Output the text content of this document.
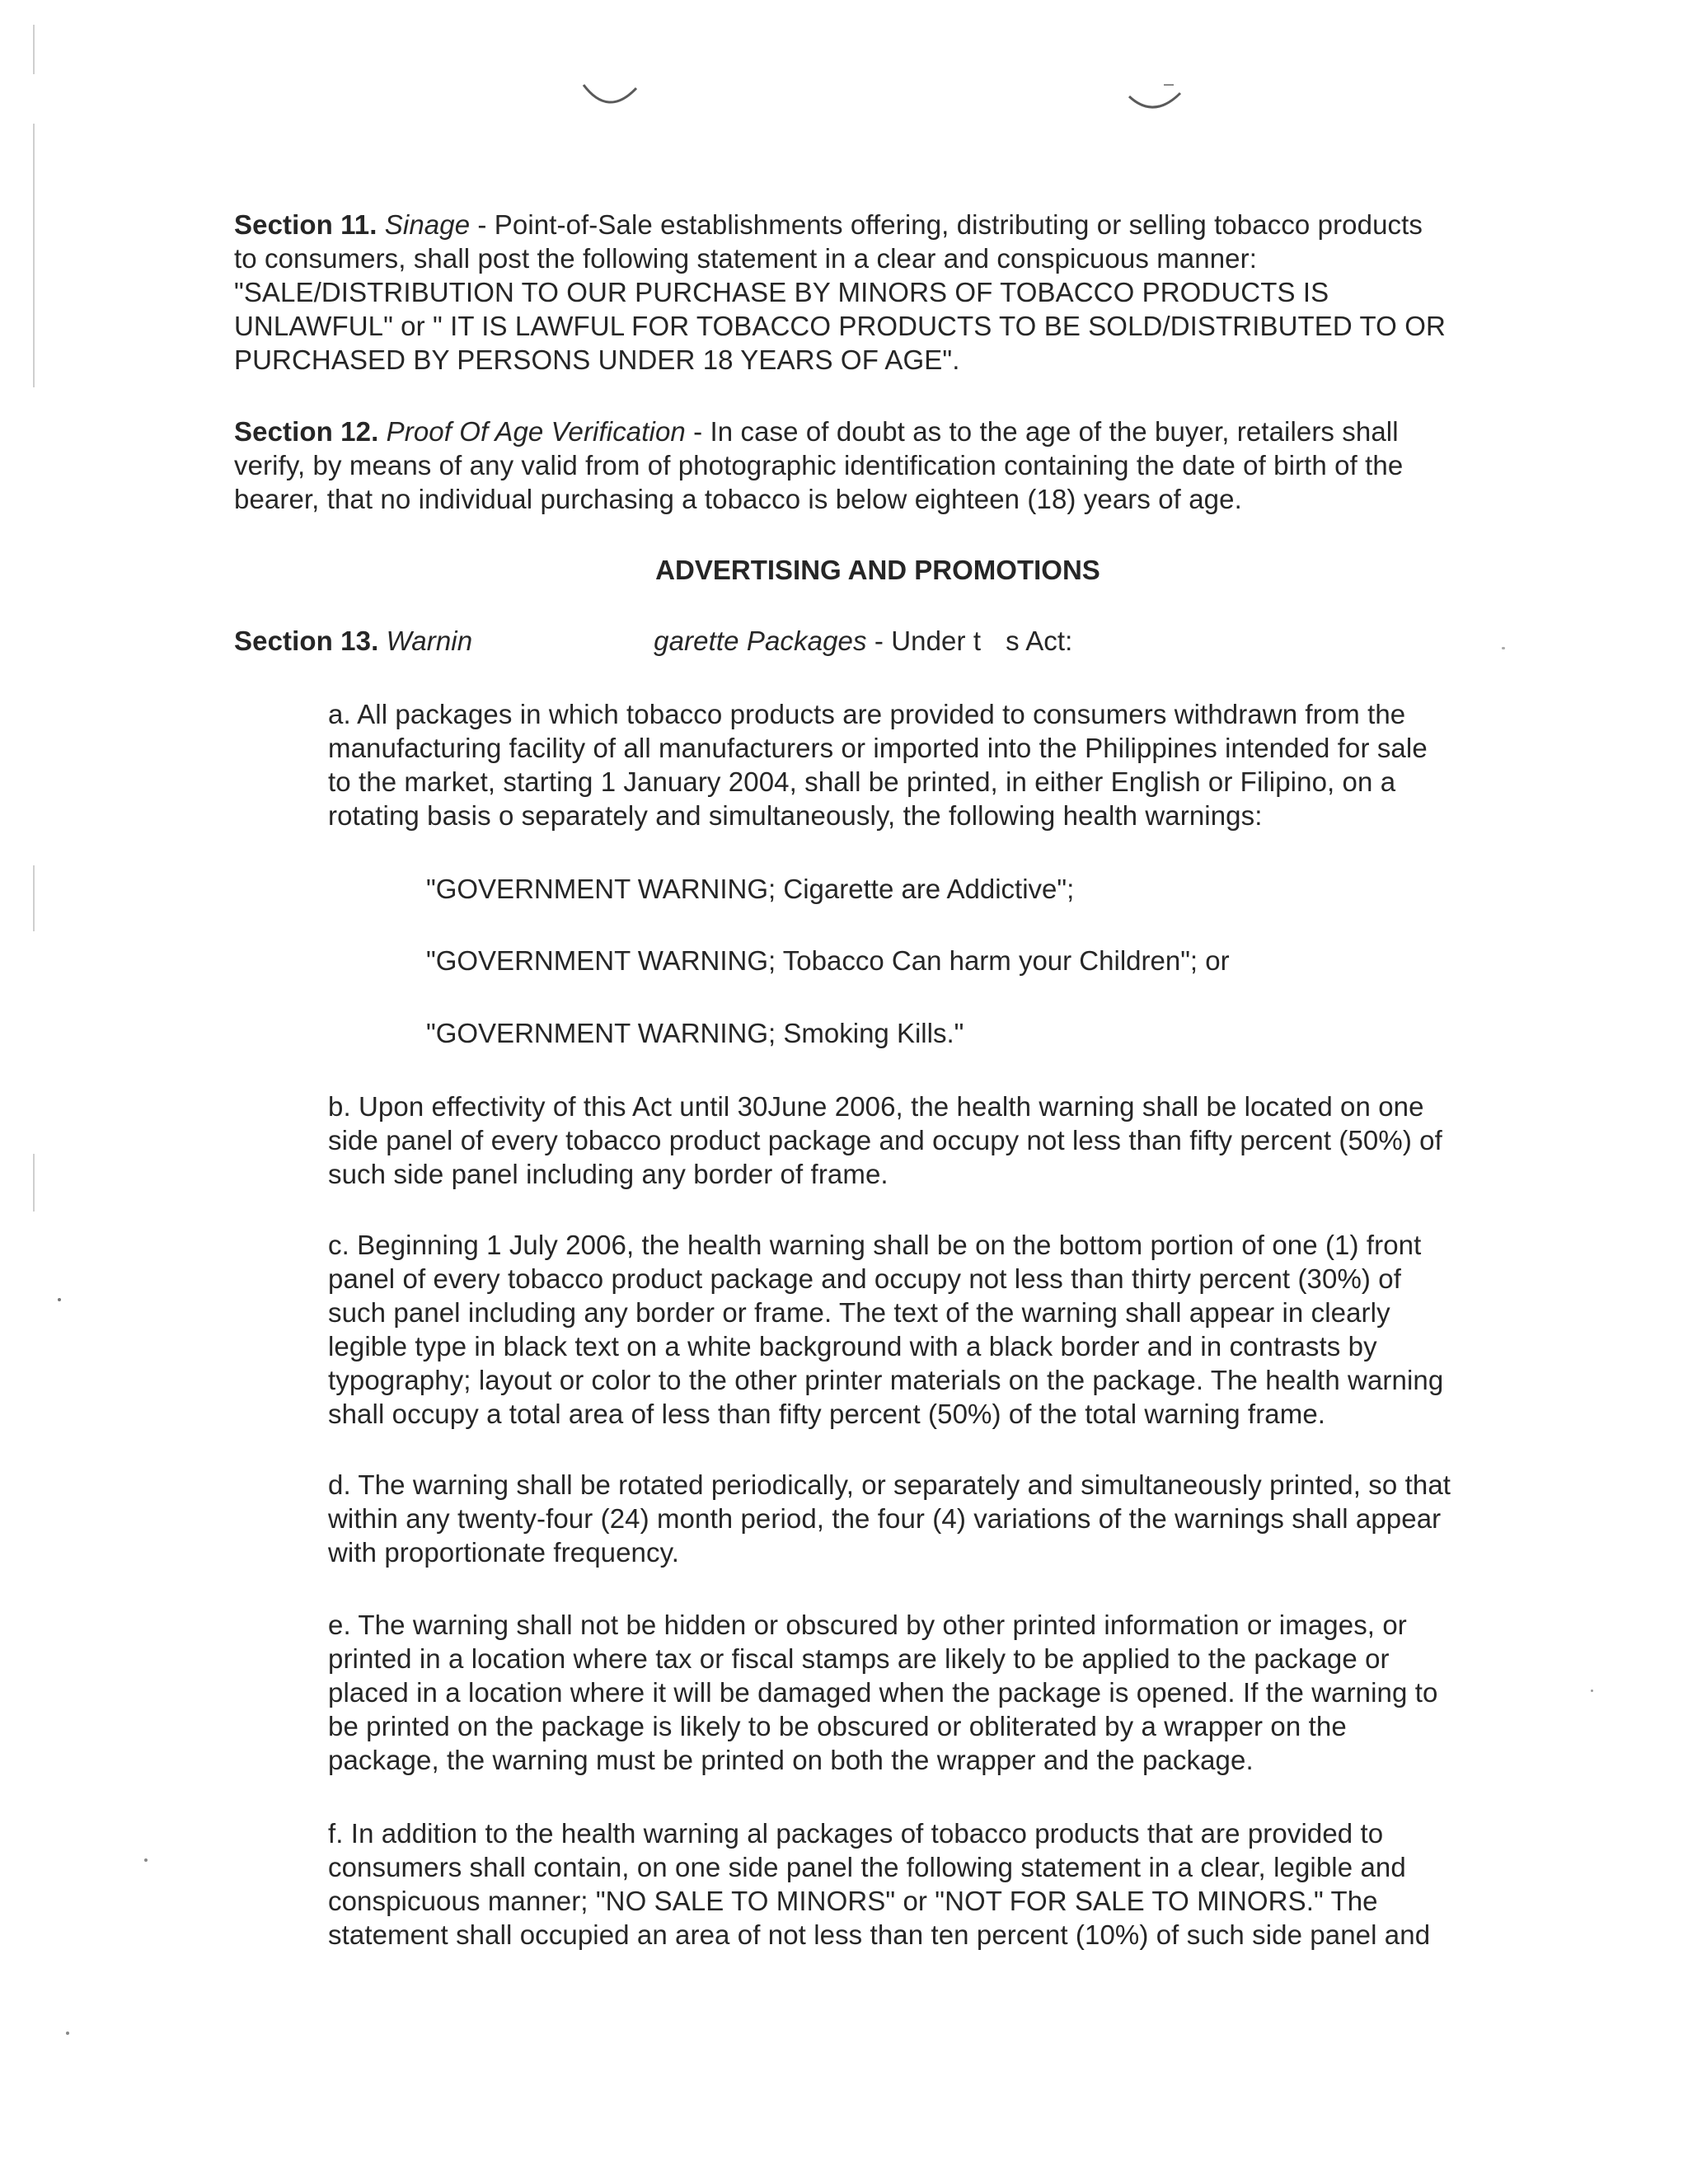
Section 11. Sinage - Point-of-Sale establishments offering, distributing or selling tobacco products
to consumers, shall post the following statement in a clear and conspicuous manner:
"SALE/DISTRIBUTION TO OUR PURCHASE BY MINORS OF TOBACCO PRODUCTS IS
UNLAWFUL" or " IT IS LAWFUL FOR TOBACCO PRODUCTS TO BE SOLD/DISTRIBUTED TO OR
PURCHASED BY PERSONS UNDER 18 YEARS OF AGE".
Section 12. Proof Of Age Verification - In case of doubt as to the age of the buyer, retailers shall
verify, by means of any valid from of photographic identification containing the date of birth of the
bearer, that no individual purchasing a tobacco is below eighteen (18) years of age.
ADVERTISING AND PROMOTIONS
Section 13. Warnin	garette Packages - Under t s Act:
a. All packages in which tobacco products are provided to consumers withdrawn from the
manufacturing facility of all manufacturers or imported into the Philippines intended for sale
to the market, starting 1 January 2004, shall be printed, in either English or Filipino, on a
rotating basis o separately and simultaneously, the following health warnings:
"GOVERNMENT WARNING; Cigarette are Addictive";
"GOVERNMENT WARNING; Tobacco Can harm your Children"; or
"GOVERNMENT WARNING; Smoking Kills."
b. Upon effectivity of this Act until 30June 2006, the health warning shall be located on one
side panel of every tobacco product package and occupy not less than fifty percent (50%) of
such side panel including any border of frame.
c. Beginning 1 July 2006, the health warning shall be on the bottom portion of one (1) front
panel of every tobacco product package and occupy not less than thirty percent (30%) of
such panel including any border or frame. The text of the warning shall appear in clearly
legible type in black text on a white background with a black border and in contrasts by
typography; layout or color to the other printer materials on the package. The health warning
shall occupy a total area of less than fifty percent (50%) of the total warning frame.
d. The warning shall be rotated periodically, or separately and simultaneously printed, so that
within any twenty-four (24) month period, the four (4) variations of the warnings shall appear
with proportionate frequency.
e. The warning shall not be hidden or obscured by other printed information or images, or
printed in a location where tax or fiscal stamps are likely to be applied to the package or
placed in a location where it will be damaged when the package is opened. If the warning to
be printed on the package is likely to be obscured or obliterated by a wrapper on the
package, the warning must be printed on both the wrapper and the package.
f. In addition to the health warning al packages of tobacco products that are provided to
consumers shall contain, on one side panel the following statement in a clear, legible and
conspicuous manner; "NO SALE TO MINORS" or "NOT FOR SALE TO MINORS." The
statement shall occupied an area of not less than ten percent (10%) of such side panel and
